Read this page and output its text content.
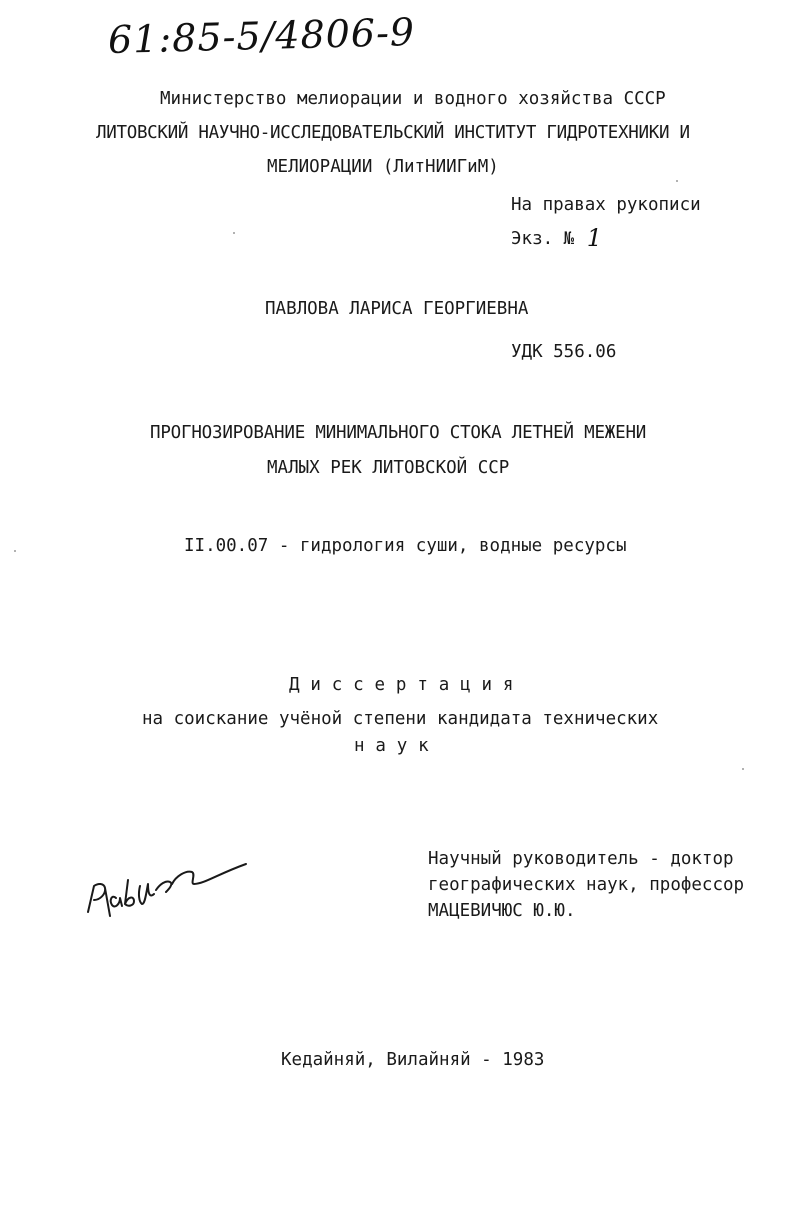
61:85-5/4806-9
Министерство мелиорации и водного хозяйства СССР
ЛИТОВСКИЙ НАУЧНО-ИССЛЕДОВАТЕЛЬСКИЙ ИНСТИТУТ ГИДРОТЕХНИКИ И
МЕЛИОРАЦИИ (ЛитНИИГиМ)
На правах рукописи
Экз. № 1
ПАВЛОВА ЛАРИСА ГЕОРГИЕВНА
УДК 556.06
ПРОГНОЗИРОВАНИЕ МИНИМАЛЬНОГО СТОКА ЛЕТНЕЙ МЕЖЕНИ
МАЛЫХ РЕК ЛИТОВСКОЙ ССР
II.00.07 - гидрология суши, водные ресурсы
Диссертация
на соискание учёной степени кандидата технических
наук
Научный руководитель - доктор
географических наук, профессор
МАЦЕВИЧЮС Ю.Ю.
Кедайняй, Вилайняй - 1983
